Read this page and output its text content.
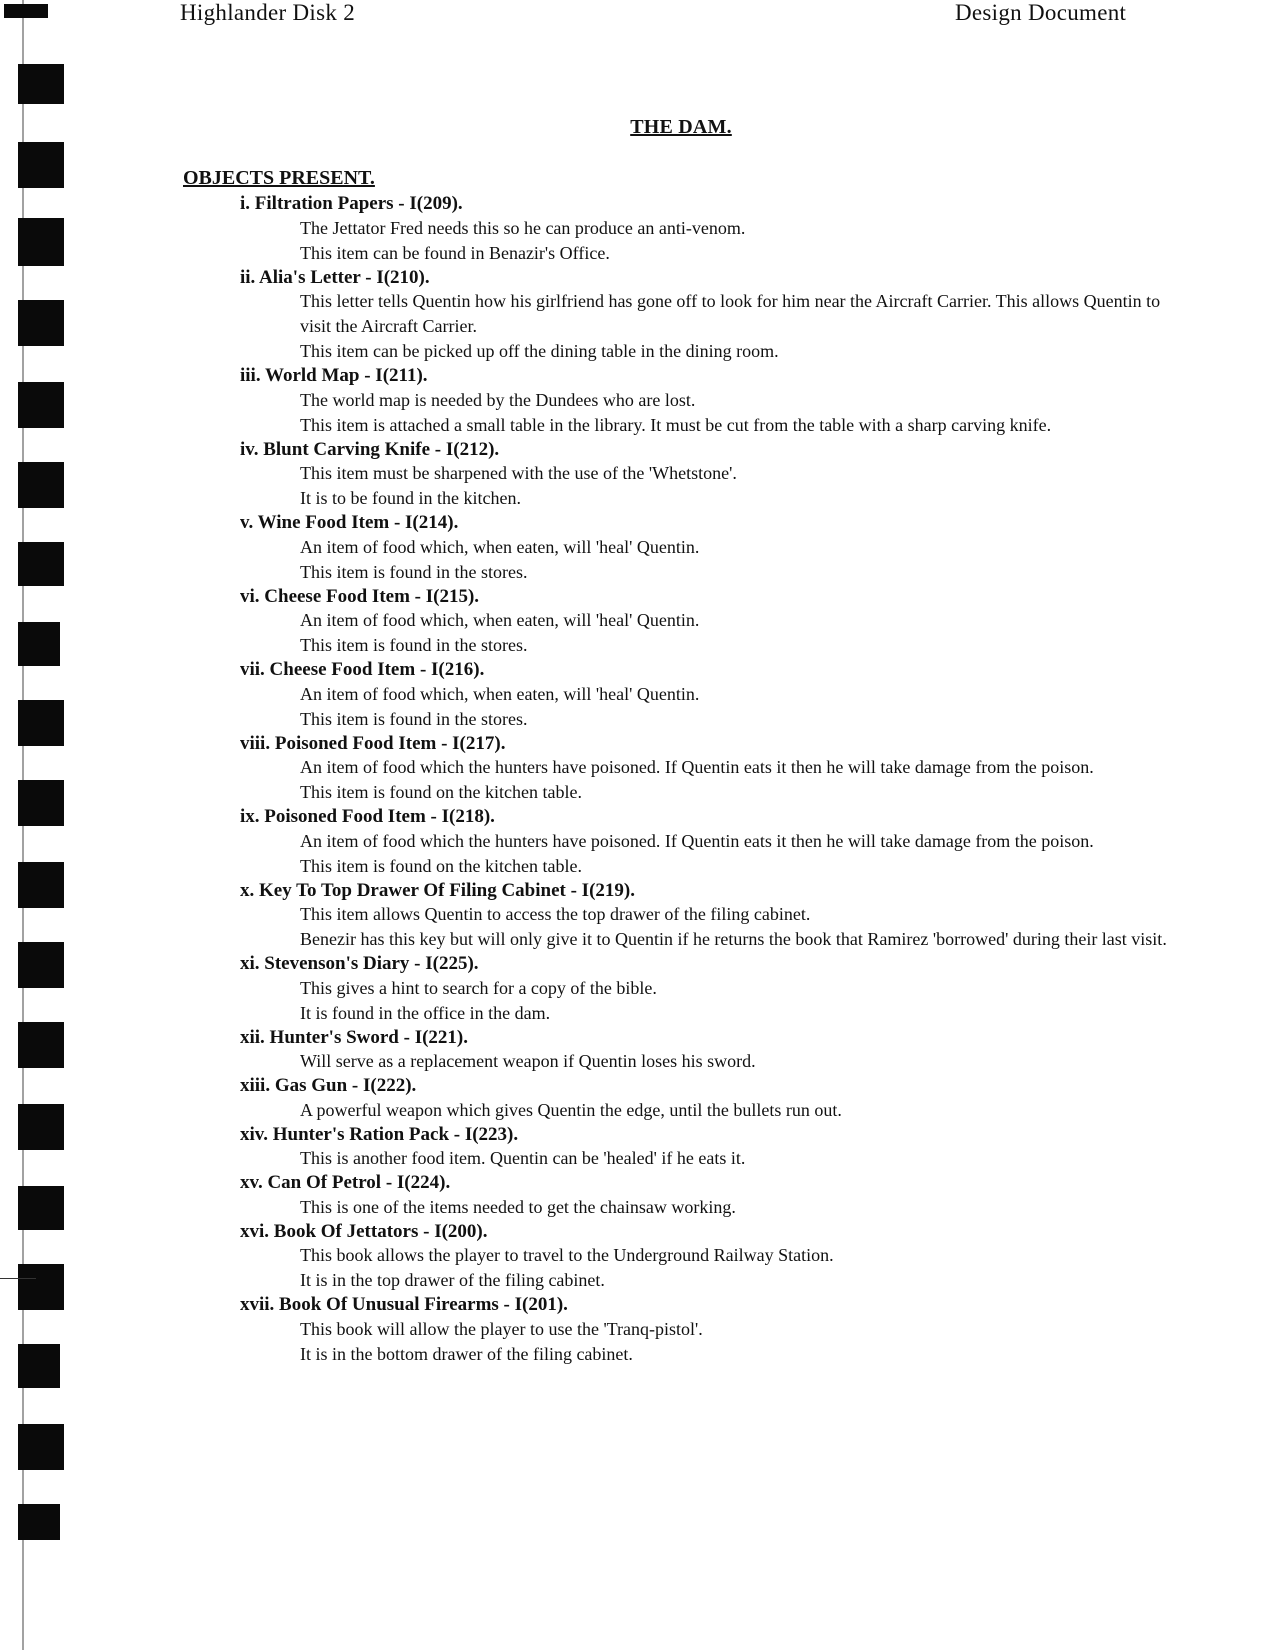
Highlander Disk 2	Design Document
THE DAM.
OBJECTS PRESENT.
i. Filtration Papers - I(209).
The Jettator Fred needs this so he can produce an anti-venom.
This item can be found in Benazir's Office.
ii. Alia's Letter - I(210).
This letter tells Quentin how his girlfriend has gone off to look for him near the Aircraft Carrier. This allows Quentin to visit the Aircraft Carrier.
This item can be picked up off the dining table in the dining room.
iii. World Map - I(211).
The world map is needed by the Dundees who are lost.
This item is attached a small table in the library. It must be cut from the table with a sharp carving knife.
iv. Blunt Carving Knife - I(212).
This item must be sharpened with the use of the 'Whetstone'.
It is to be found in the kitchen.
v. Wine Food Item - I(214).
An item of food which, when eaten, will 'heal' Quentin.
This item is found in the stores.
vi. Cheese Food Item - I(215).
An item of food which, when eaten, will 'heal' Quentin.
This item is found in the stores.
vii. Cheese Food Item - I(216).
An item of food which, when eaten, will 'heal' Quentin.
This item is found in the stores.
viii. Poisoned Food Item - I(217).
An item of food which the hunters have poisoned. If Quentin eats it then he will take damage from the poison.
This item is found on the kitchen table.
ix. Poisoned Food Item - I(218).
An item of food which the hunters have poisoned. If Quentin eats it then he will take damage from the poison.
This item is found on the kitchen table.
x. Key To Top Drawer Of Filing Cabinet - I(219).
This item allows Quentin to access the top drawer of the filing cabinet.
Benezir has this key but will only give it to Quentin if he returns the book that Ramirez 'borrowed' during their last visit.
xi. Stevenson's Diary - I(225).
This gives a hint to search for a copy of the bible.
It is found in the office in the dam.
xii. Hunter's Sword - I(221).
Will serve as a replacement weapon if Quentin loses his sword.
xiii. Gas Gun - I(222).
A powerful weapon which gives Quentin the edge, until the bullets run out.
xiv. Hunter's Ration Pack - I(223).
This is another food item. Quentin can be 'healed' if he eats it.
xv. Can Of Petrol - I(224).
This is one of the items needed to get the chainsaw working.
xvi. Book Of Jettators - I(200).
This book allows the player to travel to the Underground Railway Station.
It is in the top drawer of the filing cabinet.
xvii. Book Of Unusual Firearms - I(201).
This book will allow the player to use the 'Tranq-pistol'.
It is in the bottom drawer of the filing cabinet.
